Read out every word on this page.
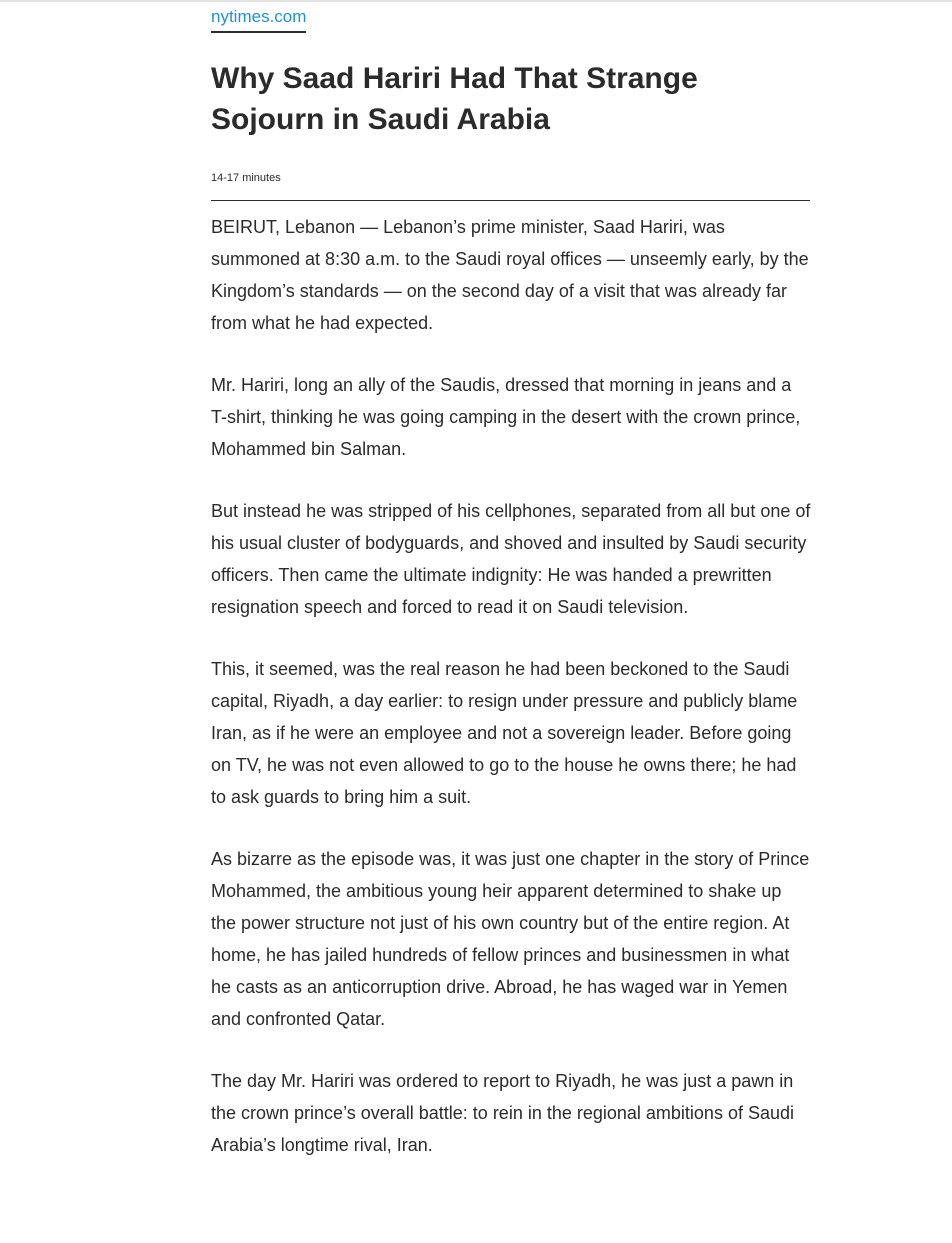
nytimes.com
Why Saad Hariri Had That Strange Sojourn in Saudi Arabia
14-17 minutes

BEIRUT, Lebanon — Lebanon’s prime minister, Saad Hariri, was summoned at 8:30 a.m. to the Saudi royal offices — unseemly early, by the Kingdom’s standards — on the second day of a visit that was already far from what he had expected.

Mr. Hariri, long an ally of the Saudis, dressed that morning in jeans and a T-shirt, thinking he was going camping in the desert with the crown prince, Mohammed bin Salman.

But instead he was stripped of his cellphones, separated from all but one of his usual cluster of bodyguards, and shoved and insulted by Saudi security officers. Then came the ultimate indignity: He was handed a prewritten resignation speech and forced to read it on Saudi television.

This, it seemed, was the real reason he had been beckoned to the Saudi capital, Riyadh, a day earlier: to resign under pressure and publicly blame Iran, as if he were an employee and not a sovereign leader. Before going on TV, he was not even allowed to go to the house he owns there; he had to ask guards to bring him a suit.

As bizarre as the episode was, it was just one chapter in the story of Prince Mohammed, the ambitious young heir apparent determined to shake up the power structure not just of his own country but of the entire region. At home, he has jailed hundreds of fellow princes and businessmen in what he casts as an anticorruption drive. Abroad, he has waged war in Yemen and confronted Qatar.

The day Mr. Hariri was ordered to report to Riyadh, he was just a pawn in the crown prince’s overall battle: to rein in the regional ambitions of Saudi Arabia’s longtime rival, Iran.
